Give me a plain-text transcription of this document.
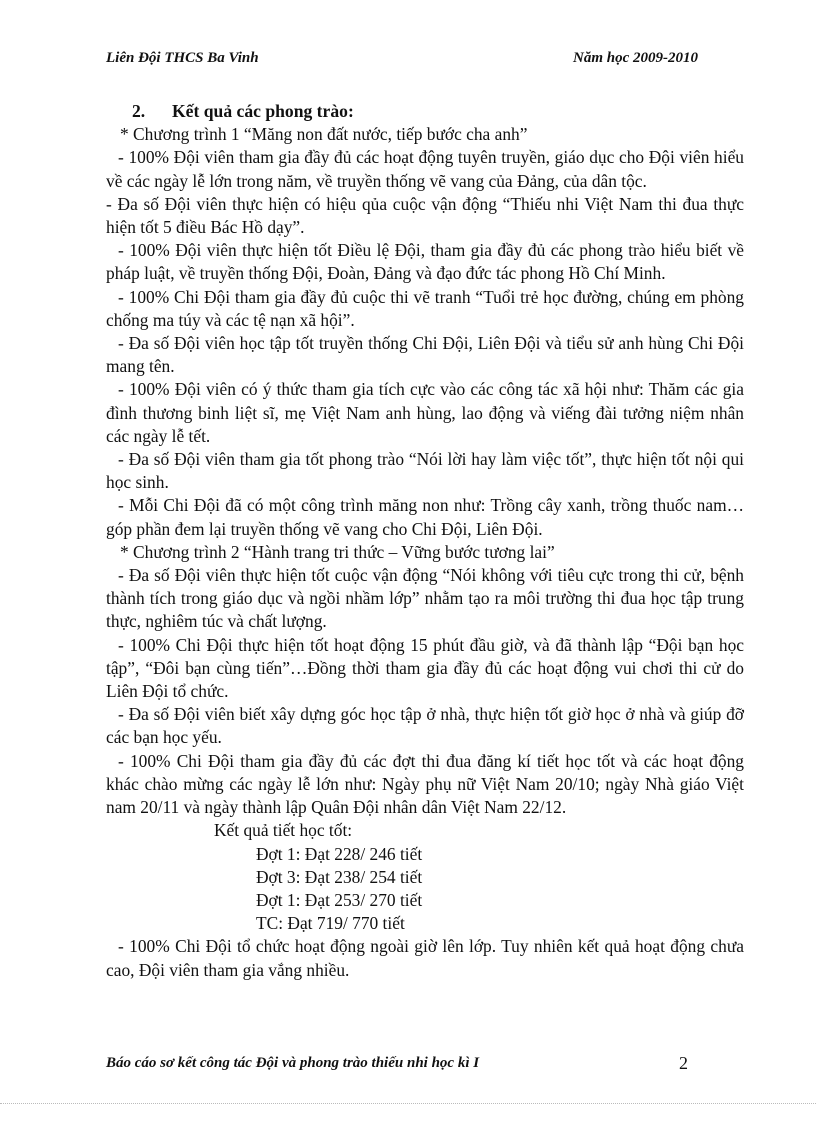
Liên Đội THCS Ba Vinh	Năm học 2009-2010
2. Kết quả các phong trào:

* Chương trình 1 “Măng non đất nước, tiếp bước cha anh”

- 100% Đội viên tham gia đầy đủ các hoạt động tuyên truyền, giáo dục cho Đội viên hiểu về các ngày lễ lớn trong năm, về truyền thống vẽ vang của Đảng, của dân tộc.

- Đa số Đội viên thực hiện có hiệu qủa cuộc vận động “Thiếu nhi Việt Nam thi đua thực hiện tốt 5 điều Bác Hồ dạy”.

- 100% Đội viên thực hiện tốt Điều lệ Đội, tham gia đầy đủ các phong trào hiểu biết về pháp luật, về truyền thống Đội, Đoàn, Đảng và đạo đức tác phong Hồ Chí Minh.

- 100% Chi Đội tham gia đầy đủ cuộc thi vẽ tranh “Tuổi trẻ học đường, chúng em phòng chống ma túy và các tệ nạn xã hội”.

- Đa số Đội viên học tập tốt truyền thống Chi Đội, Liên Đội và tiểu sử anh hùng Chi Đội mang tên.

- 100% Đội viên có ý thức tham gia tích cực vào các công tác xã hội như: Thăm các gia đình thương binh liệt sĩ, mẹ Việt Nam anh hùng, lao động và viếng đài tưởng niệm nhân các ngày lễ tết.

- Đa số Đội viên tham gia tốt phong trào “Nói lời hay làm việc tốt”, thực hiện tốt nội qui học sinh.

- Mỗi Chi Đội đã có một công trình măng non như: Trồng cây xanh, trồng thuốc nam…góp phần đem lại truyền thống vẽ vang cho Chi Đội, Liên Đội.

* Chương trình 2 “Hành trang tri thức – Vững bước tương lai”

- Đa số Đội viên thực hiện tốt cuộc vận động “Nói không với tiêu cực trong thi cử, bệnh thành tích trong giáo dục và ngồi nhầm lớp” nhằm tạo ra môi trường thi đua học tập trung thực, nghiêm túc và chất lượng.

- 100% Chi Đội thực hiện tốt hoạt động 15 phút đầu giờ, và đã thành lập “Đội bạn học tập”, “Đôi bạn cùng tiến”…Đồng thời tham gia đầy đủ các hoạt động vui chơi thi cử do Liên Đội tổ chức.

- Đa số Đội viên biết xây dựng góc học tập ở nhà, thực hiện tốt giờ học ở nhà và giúp đỡ các bạn học yếu.

- 100% Chi Đội tham gia đầy đủ các đợt thi đua đăng kí tiết học tốt và các hoạt động khác chào mừng các ngày lễ lớn như: Ngày phụ nữ Việt Nam 20/10; ngày Nhà giáo Việt nam 20/11 và ngày thành lập Quân Đội nhân dân Việt Nam 22/12.

Kết quả tiết học tốt:

Đợt 1: Đạt 228/ 246 tiết

Đợt 3: Đạt 238/ 254 tiết

Đợt 1: Đạt 253/ 270 tiết

TC: Đạt 719/ 770 tiết

- 100% Chi Đội tổ chức hoạt động ngoài giờ lên lớp. Tuy nhiên kết quả hoạt động chưa cao, Đội viên tham gia vắng nhiều.

Báo cáo sơ kết công tác Đội và phong trào thiếu nhi học kì I	2
